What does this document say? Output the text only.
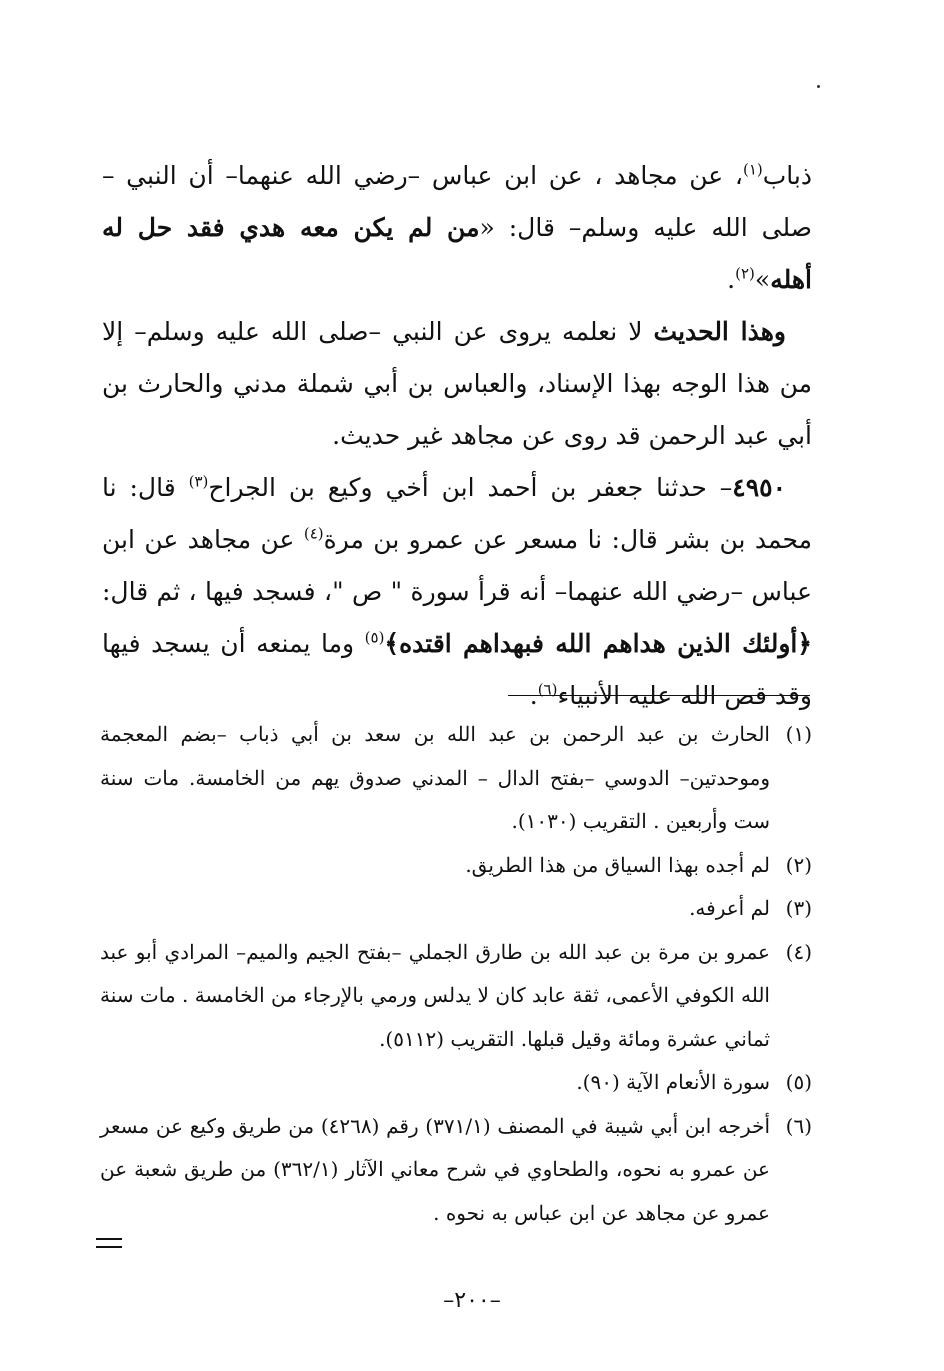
ذباب$^{(١)}$، عن مجاهد ، عن ابن عباس –رضي الله عنهما– أن النبي –صلى الله عليه وسلم– قال: «من لم يكن معه هدي فقد حل له أهله»$^{(٢)}$.

وهذا الحديث لا نعلمه يروى عن النبي –صلى الله عليه وسلم– إلا من هذا الوجه بهذا الإسناد، والعباس بن أبي شملة مدني والحارث بن أبي عبد الرحمن قد روى عن مجاهد غير حديث.

٤٩٥٠– حدثنا جعفر بن أحمد ابن أخي وكيع بن الجراح$^{(٣)}$ قال: نا محمد بن بشر قال: نا مسعر عن عمرو بن مرة$^{(٤)}$ عن مجاهد عن ابن عباس –رضي الله عنهما– أنه قرأ سورة " ص "، فسجد فيها ، ثم قال: ﴿أولئك الذين هداهم الله فبهداهم اقتده﴾$^{(٥)}$ وما يمنعه أن يسجد فيها وقد قص الله عليه الأنبياء$^{(٦)}$.

(١)
الحارث بن عبد الرحمن بن عبد الله بن سعد بن أبي ذباب –بضم المعجمة وموحدتين– الدوسي –بفتح الدال – المدني صدوق يهم من الخامسة. مات سنة ست وأربعين . التقريب (١٠٣٠).
(٢)
لم أجده بهذا السياق من هذا الطريق.
(٣)
لم أعرفه.
(٤)
عمرو بن مرة بن عبد الله بن طارق الجملي –بفتح الجيم والميم– المرادي أبو عبد الله الكوفي الأعمى، ثقة عابد كان لا يدلس ورمي بالإرجاء من الخامسة . مات سنة ثماني عشرة ومائة وقيل قبلها. التقريب (٥١١٢).
(٥)
سورة الأنعام الآية (٩٠).
(٦)
أخرجه ابن أبي شيبة في المصنف (٣٧١/١) رقم (٤٢٦٨) من طريق وكيع عن مسعر عن عمرو به نحوه، والطحاوي في شرح معاني الآثار (٣٦٢/١) من طريق شعبة عن عمرو عن مجاهد عن ابن عباس به نحوه .
–٢٠٠–
